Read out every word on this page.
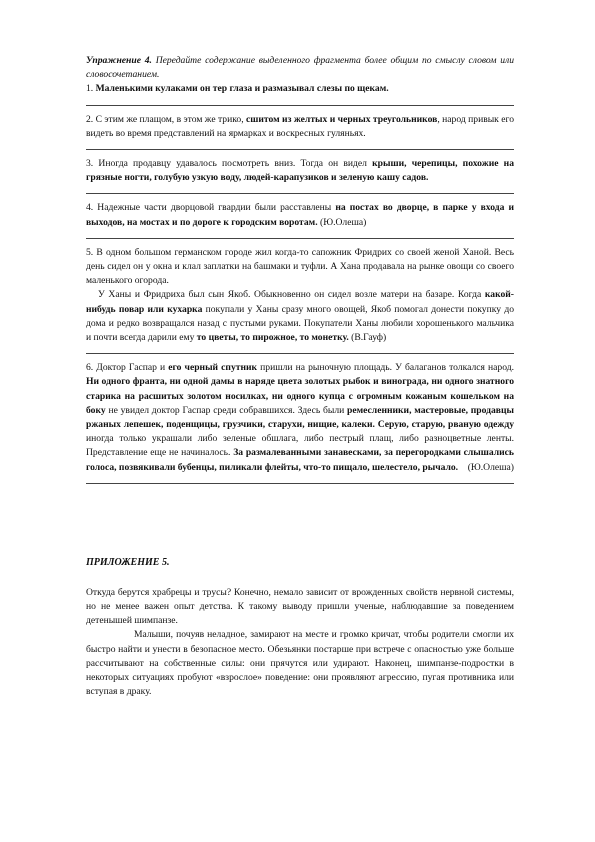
Упражнение 4. Передайте содержание выделенного фрагмента более общим по смыслу словом или словосочетанием.

1. Маленькими кулаками он тер глаза и размазывал слезы по щекам.

2. С этим же плащом, в этом же трико, сшитом из желтых и черных треугольников, народ привык его видеть во время представлений на ярмарках и воскресных гуляньях.

3. Иногда продавцу удавалось посмотреть вниз. Тогда он видел крыши, черепицы, похожие на грязные ногти, голубую узкую воду, людей-карапузиков и зеленую кашу садов.

4. Надежные части дворцовой гвардии были расставлены на постах во дворце, в парке у входа и выходов, на мостах и по дороге к городским воротам. (Ю.Олеша)

5. В одном большом германском городе жил когда-то сапожник Фридрих со своей женой Ханой. Весь день сидел он у окна и клал заплатки на башмаки и туфли. А Хана продавала на рынке овощи со своего маленького огорода.

У Ханы и Фридриха был сын Якоб. Обыкновенно он сидел возле матери на базаре. Когда какой-нибудь повар или кухарка покупали у Ханы сразу много овощей, Якоб помогал донести покупку до дома и редко возвращался назад с пустыми руками. Покупатели Ханы любили хорошенького мальчика и почти всегда дарили ему то цветы, то пирожное, то монетку. (В.Гауф)

6. Доктор Гаспар и его черный спутник пришли на рыночную площадь. У балаганов толкался народ. Ни одного франта, ни одной дамы в наряде цвета золотых рыбок и винограда, ни одного знатного старика на расшитых золотом носилках, ни одного купца с огромным кожаным кошельком на боку не увидел доктор Гаспар среди собравшихся. Здесь были ремесленники, мастеровые, продавцы ржаных лепешек, поденщицы, грузчики, старухи, нищие, калеки. Серую, старую, рваную одежду иногда только украшали либо зеленые обшлага, либо пестрый плащ, либо разноцветные ленты. Представление еще не начиналось. За размалеванными занавесками, за перегородками слышались голоса, позвякивали бубенцы, пиликали флейты, что-то пищало, шелестело, рычало. (Ю.Олеша)

ПРИЛОЖЕНИЕ 5.

Откуда берутся храбрецы и трусы? Конечно, немало зависит от врожденных свойств нервной системы, но не менее важен опыт детства. К такому выводу пришли ученые, наблюдавшие за поведением детенышей шимпанзе.

Малыши, почуяв неладное, замирают на месте и громко кричат, чтобы родители смогли их быстро найти и унести в безопасное место. Обезьянки постарше при встрече с опасностью уже больше рассчитывают на собственные силы: они прячутся или удирают. Наконец, шимпанзе-подростки в некоторых ситуациях пробуют «взрослое» поведение: они проявляют агрессию, пугая противника или вступая в драку.
